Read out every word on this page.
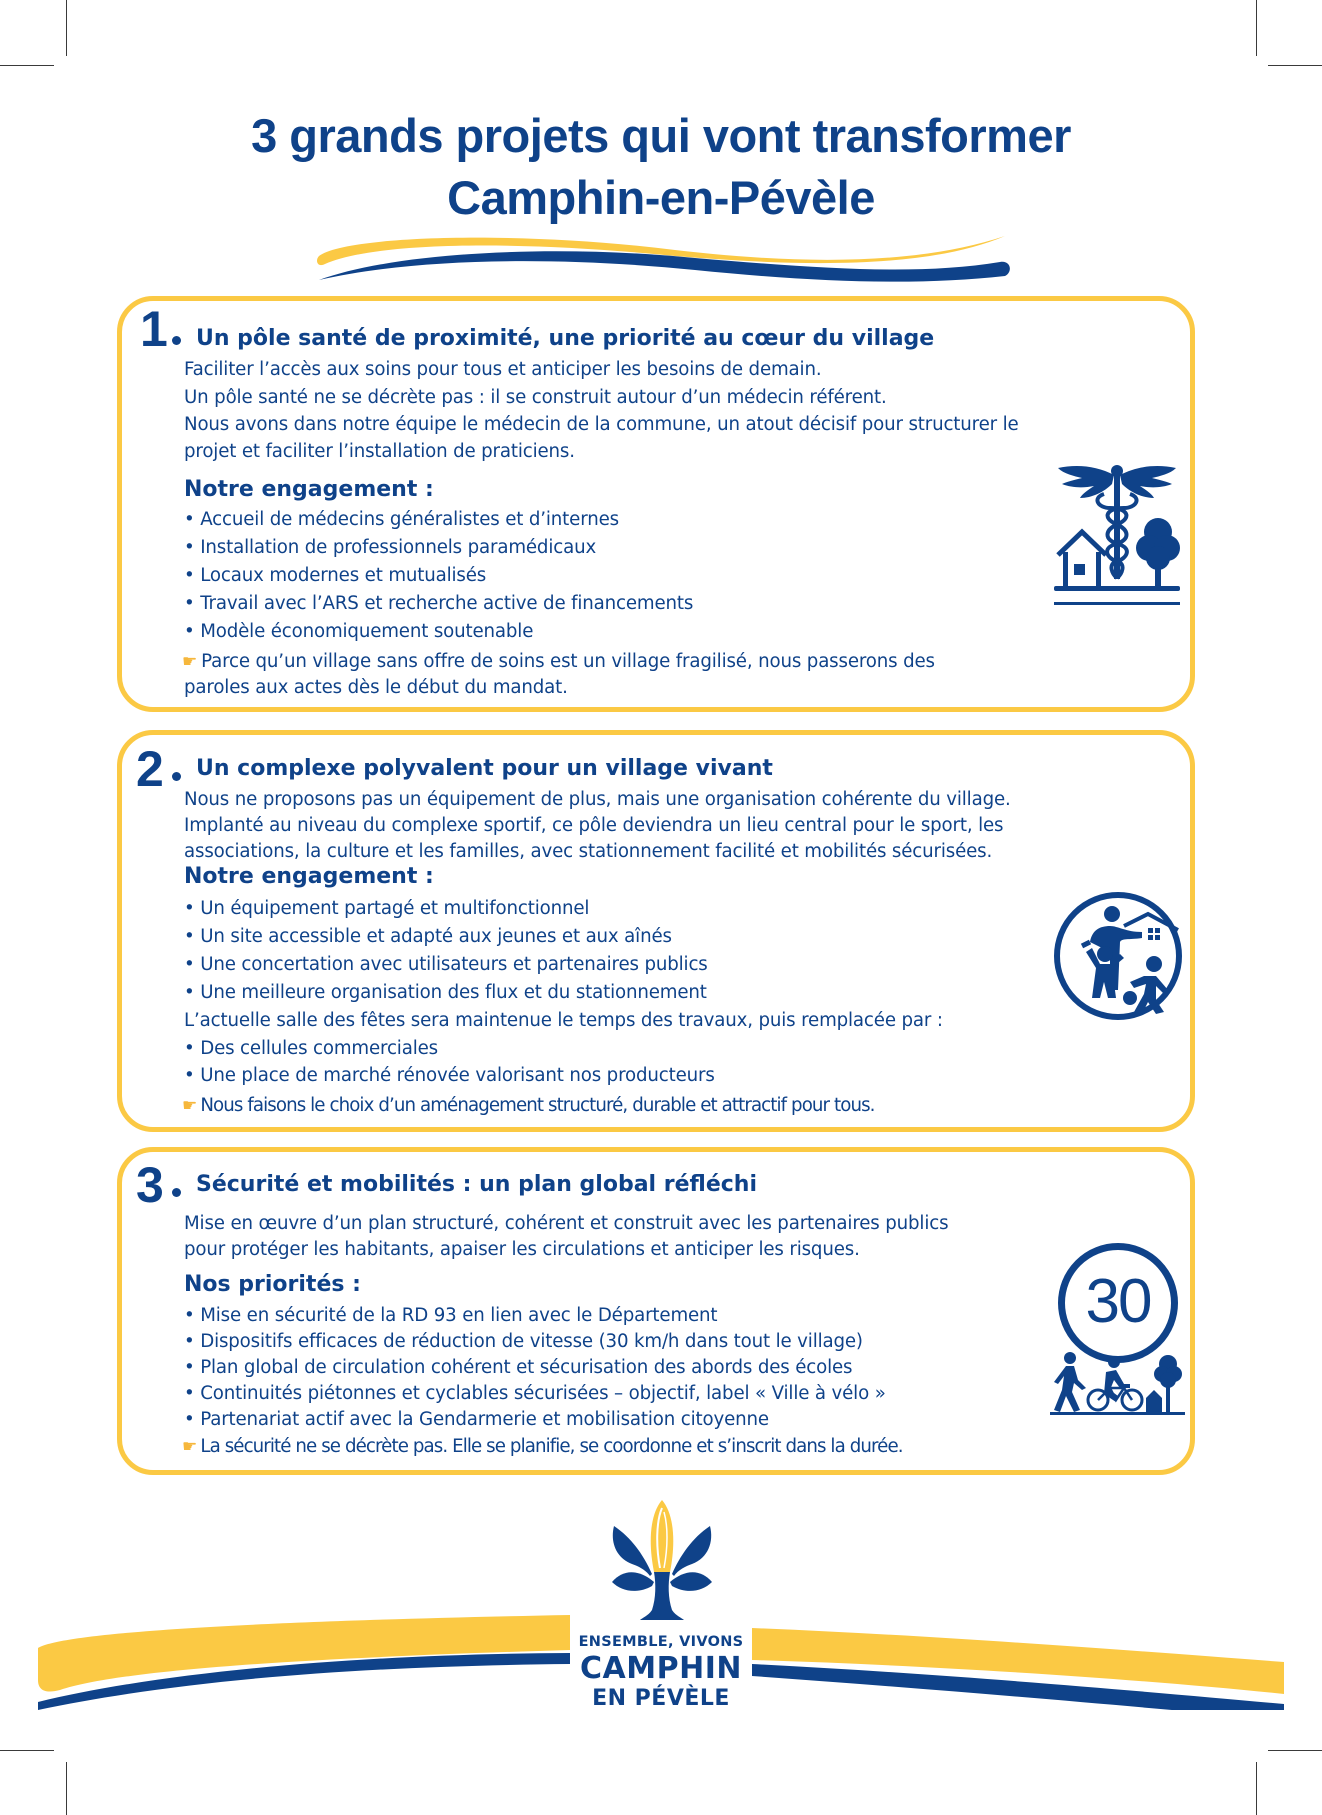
3 grands projets qui vont transformer
Camphin-en-Pévèle
1 Un pôle santé de proximité, une priorité au cœur du village
Faciliter l’accès aux soins pour tous et anticiper les besoins de demain.
Un pôle santé ne se décrète pas : il se construit autour d’un médecin référent.
Nous avons dans notre équipe le médecin de la commune, un atout décisif pour structurer le
projet et faciliter l’installation de praticiens.
Notre engagement :
• Accueil de médecins généralistes et d’internes
• Installation de professionnels paramédicaux
• Locaux modernes et mutualisés
• Travail avec l’ARS et recherche active de financements
• Modèle économiquement soutenable
☛ Parce qu’un village sans offre de soins est un village fragilisé, nous passerons des
paroles aux actes dès le début du mandat.
2 Un complexe polyvalent pour un village vivant
Nous ne proposons pas un équipement de plus, mais une organisation cohérente du village.
Implanté au niveau du complexe sportif, ce pôle deviendra un lieu central pour le sport, les
associations, la culture et les familles, avec stationnement facilité et mobilités sécurisées.
Notre engagement :
• Un équipement partagé et multifonctionnel
• Un site accessible et adapté aux jeunes et aux aînés
• Une concertation avec utilisateurs et partenaires publics
• Une meilleure organisation des flux et du stationnement
L’actuelle salle des fêtes sera maintenue le temps des travaux, puis remplacée par :
• Des cellules commerciales
• Une place de marché rénovée valorisant nos producteurs
☛ Nous faisons le choix d’un aménagement structuré, durable et attractif pour tous.
3 Sécurité et mobilités : un plan global réfléchi
Mise en œuvre d’un plan structuré, cohérent et construit avec les partenaires publics
pour protéger les habitants, apaiser les circulations et anticiper les risques.
Nos priorités :
• Mise en sécurité de la RD 93 en lien avec le Département
• Dispositifs efficaces de réduction de vitesse (30 km/h dans tout le village)
• Plan global de circulation cohérent et sécurisation des abords des écoles
• Continuités piétonnes et cyclables sécurisées – objectif, label « Ville à vélo »
• Partenariat actif avec la Gendarmerie et mobilisation citoyenne
☛ La sécurité ne se décrète pas. Elle se planifie, se coordonne et s’inscrit dans la durée.
30
ENSEMBLE, VIVONS
CAMPHIN
EN PÉVÈLE
